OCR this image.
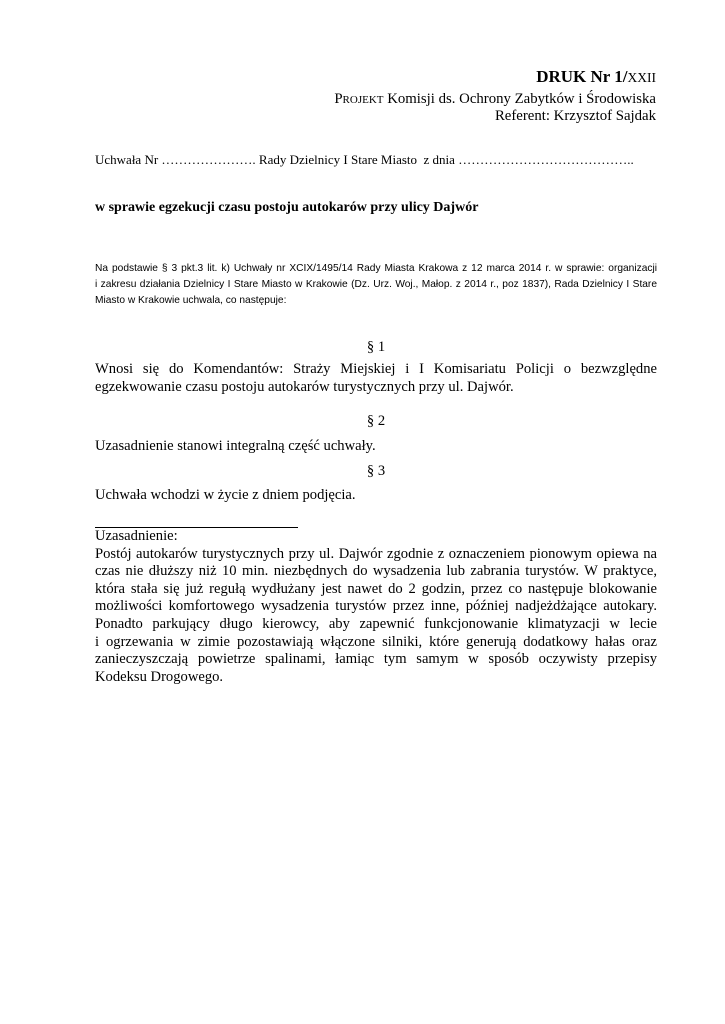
DRUK Nr 1/XXII
PROJEKT Komisji ds. Ochrony Zabytków i Środowiska
Referent: Krzysztof Sajdak
Uchwała Nr …………………. Rady Dzielnicy I Stare Miasto  z dnia …………………………………..
w sprawie egzekucji czasu postoju autokarów przy ulicy Dajwór
Na podstawie § 3 pkt.3 lit. k) Uchwały nr XCIX/1495/14 Rady Miasta Krakowa z 12 marca 2014 r. w sprawie: organizacji
i zakresu działania Dzielnicy I Stare Miasto w Krakowie (Dz. Urz. Woj., Małop. z 2014 r., poz 1837), Rada Dzielnicy I Stare
Miasto w Krakowie uchwala, co następuje:
§ 1
Wnosi się do Komendantów: Straży Miejskiej i I Komisariatu Policji o bezwzględne
egzekwowanie czasu postoju autokarów turystycznych przy ul. Dajwór.
§ 2
Uzasadnienie stanowi integralną część uchwały.
§ 3
Uchwała wchodzi w życie z dniem podjęcia.
Uzasadnienie:
Postój autokarów turystycznych przy ul. Dajwór zgodnie z oznaczeniem pionowym opiewa na
czas nie dłuższy niż 10 min. niezbędnych do wysadzenia lub zabrania turystów. W praktyce,
która stała się już regułą wydłużany jest nawet do 2 godzin, przez co następuje blokowanie
możliwości komfortowego wysadzenia turystów przez inne, później nadjeżdżające autokary.
Ponadto parkujący długo kierowcy, aby zapewnić funkcjonowanie klimatyzacji w lecie
i ogrzewania w zimie pozostawiają włączone silniki, które generują dodatkowy hałas oraz
zanieczyszczają powietrze spalinami, łamiąc tym samym w sposób oczywisty przepisy
Kodeksu Drogowego.
